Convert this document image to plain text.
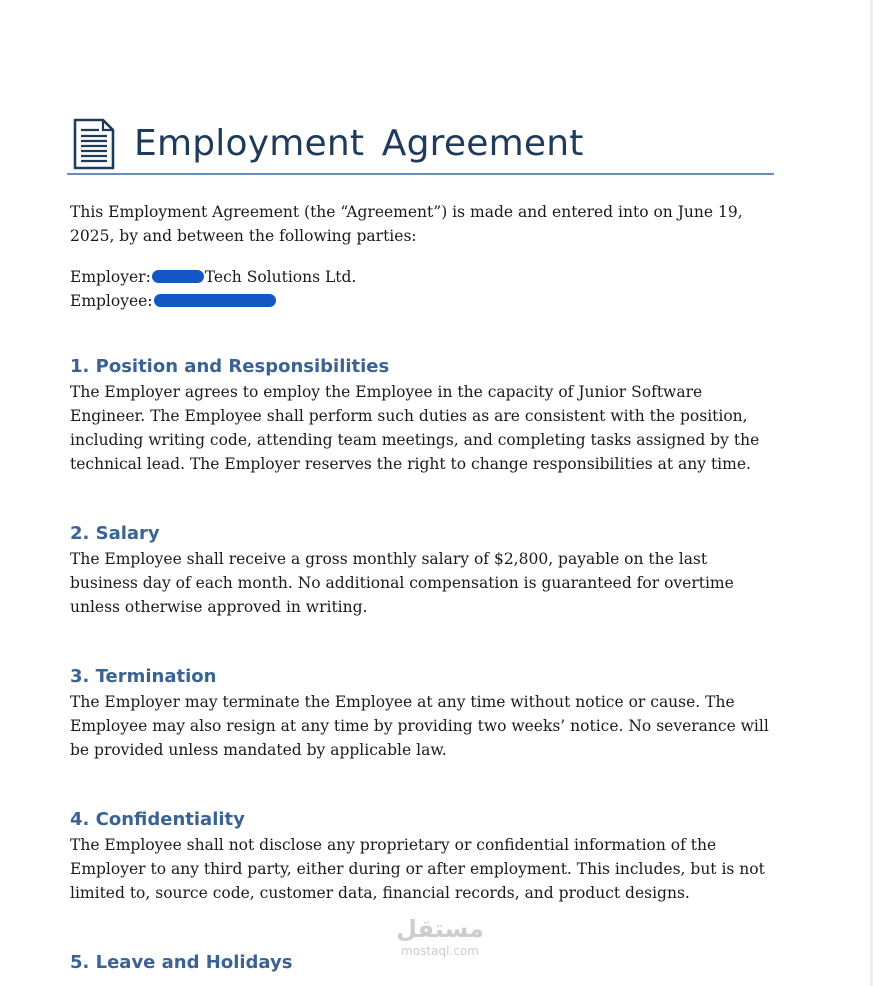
Employment Agreement

This Employment Agreement (the “Agreement”) is made and entered into on June 19, 2025, by and between the following parties:

Employer:	Tech Solutions Ltd.
Employee:
1. Position and Responsibilities

The Employer agrees to employ the Employee in the capacity of Junior Software Engineer. The Employee shall perform such duties as are consistent with the position, including writing code, attending team meetings, and completing tasks assigned by the technical lead. The Employer reserves the right to change responsibilities at any time.

2. Salary

The Employee shall receive a gross monthly salary of $2,800, payable on the last business day of each month. No additional compensation is guaranteed for overtime unless otherwise approved in writing.

3. Termination

The Employer may terminate the Employee at any time without notice or cause. The Employee may also resign at any time by providing two weeks’ notice. No severance will be provided unless mandated by applicable law.

4. Confidentiality

The Employee shall not disclose any proprietary or confidential information of the Employer to any third party, either during or after employment. This includes, but is not limited to, source code, customer data, financial records, and product designs.

5. Leave and Holidays
مستقل
mostaql.com
